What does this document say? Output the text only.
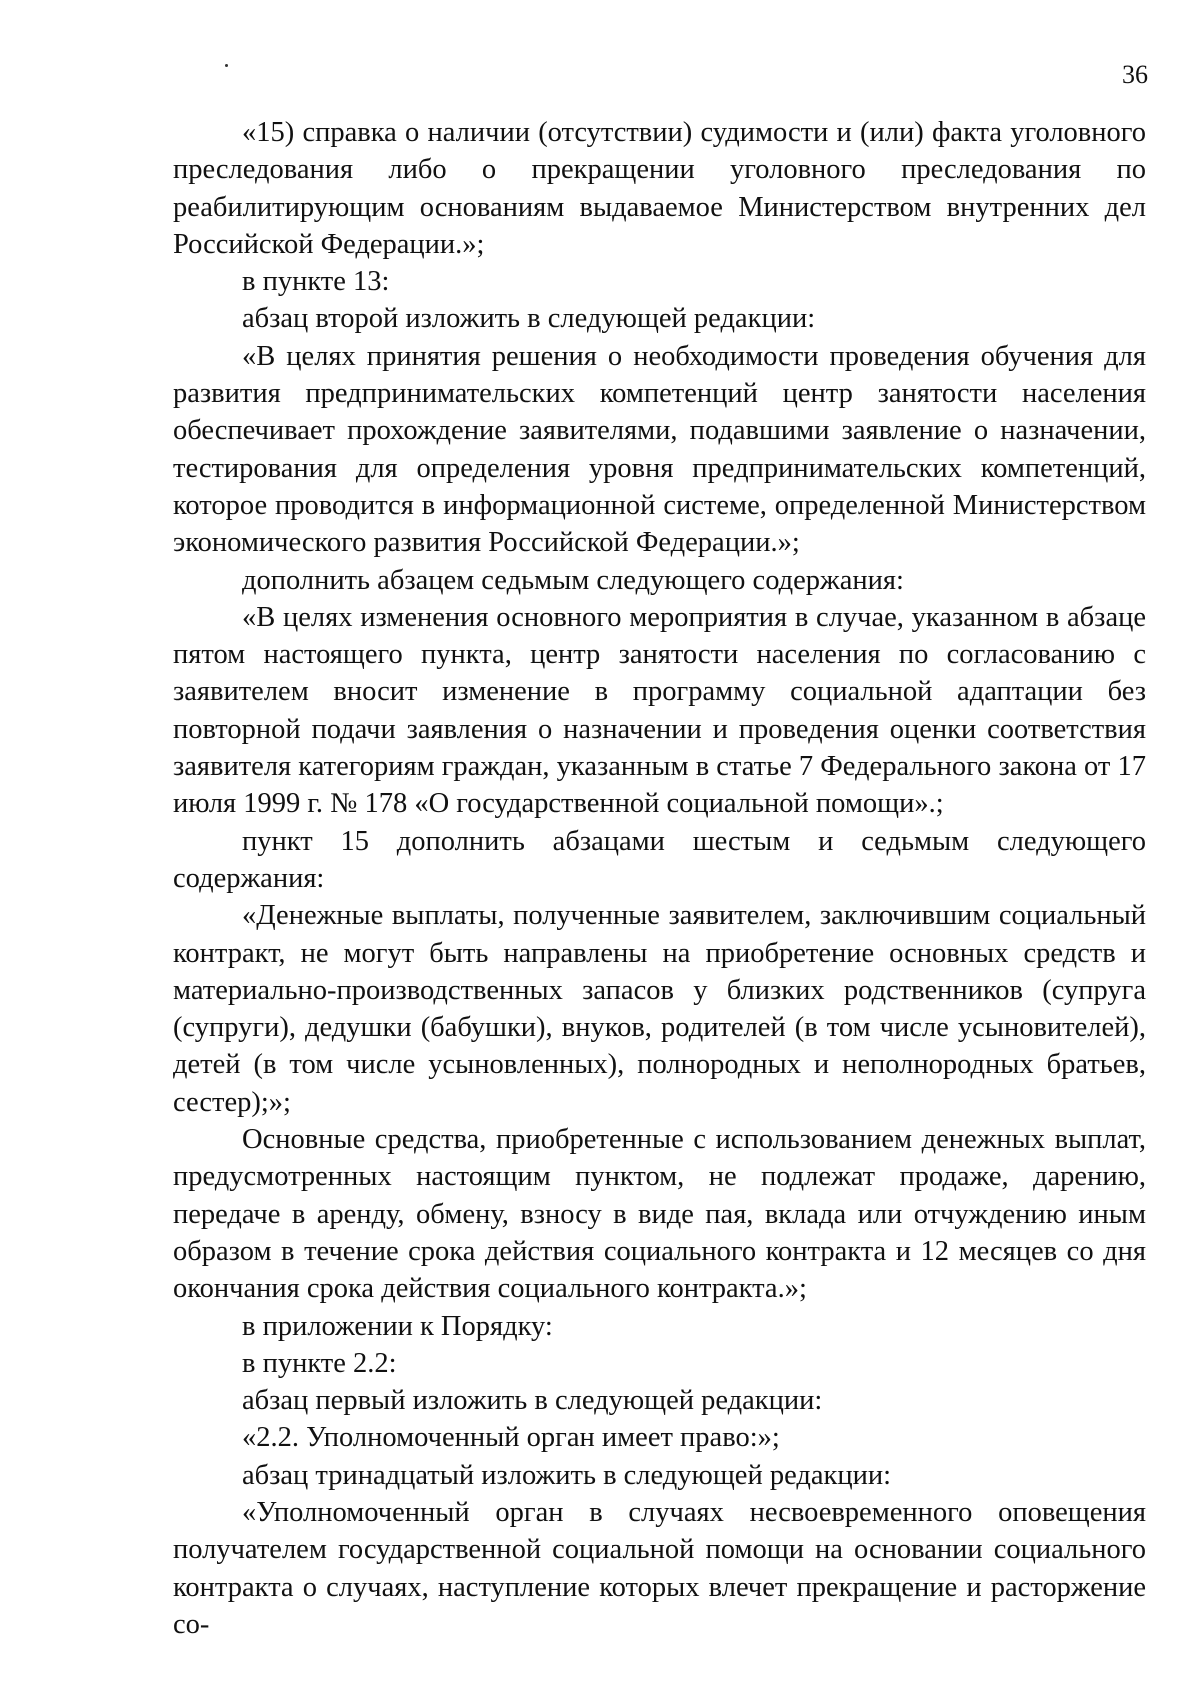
36

«15) справка о наличии (отсутствии) судимости и (или) факта уголовного преследования либо о прекращении уголовного преследования по реабилитирующим основаниям выдаваемое Министерством внутренних дел Российской Федерации.»;

в пункте 13:

абзац второй изложить в следующей редакции:

«В целях принятия решения о необходимости проведения обучения для развития предпринимательских компетенций центр занятости населения обеспечивает прохождение заявителями, подавшими заявление о назначении, тестирования для определения уровня предпринимательских компетенций, которое проводится в информационной системе, определенной Министерством экономического развития Российской Федерации.»;

дополнить абзацем седьмым следующего содержания:

«В целях изменения основного мероприятия в случае, указанном в абзаце пятом настоящего пункта, центр занятости населения по согласованию с заявителем вносит изменение в программу социальной адаптации без повторной подачи заявления о назначении и проведения оценки соответствия заявителя категориям граждан, указанным в статье 7 Федерального закона от 17 июля 1999 г. № 178 «О государственной социальной помощи».;

пункт 15 дополнить абзацами шестым и седьмым следующего содержания:

«Денежные выплаты, полученные заявителем, заключившим социальный контракт, не могут быть направлены на приобретение основных средств и материально-производственных запасов у близких родственников (супруга (супруги), дедушки (бабушки), внуков, родителей (в том числе усыновителей), детей (в том числе усыновленных), полнородных и неполнородных братьев, сестер);»;

Основные средства, приобретенные с использованием денежных выплат, предусмотренных настоящим пунктом, не подлежат продаже, дарению, передаче в аренду, обмену, взносу в виде пая, вклада или отчуждению иным образом в течение срока действия социального контракта и 12 месяцев со дня окончания срока действия социального контракта.»;

в приложении к Порядку:

в пункте 2.2:

абзац первый изложить в следующей редакции:

«2.2. Уполномоченный орган имеет право:»;

абзац тринадцатый изложить в следующей редакции:

«Уполномоченный орган в случаях несвоевременного оповещения получателем государственной социальной помощи на основании социального контракта о случаях, наступление которых влечет прекращение и расторжение со-
